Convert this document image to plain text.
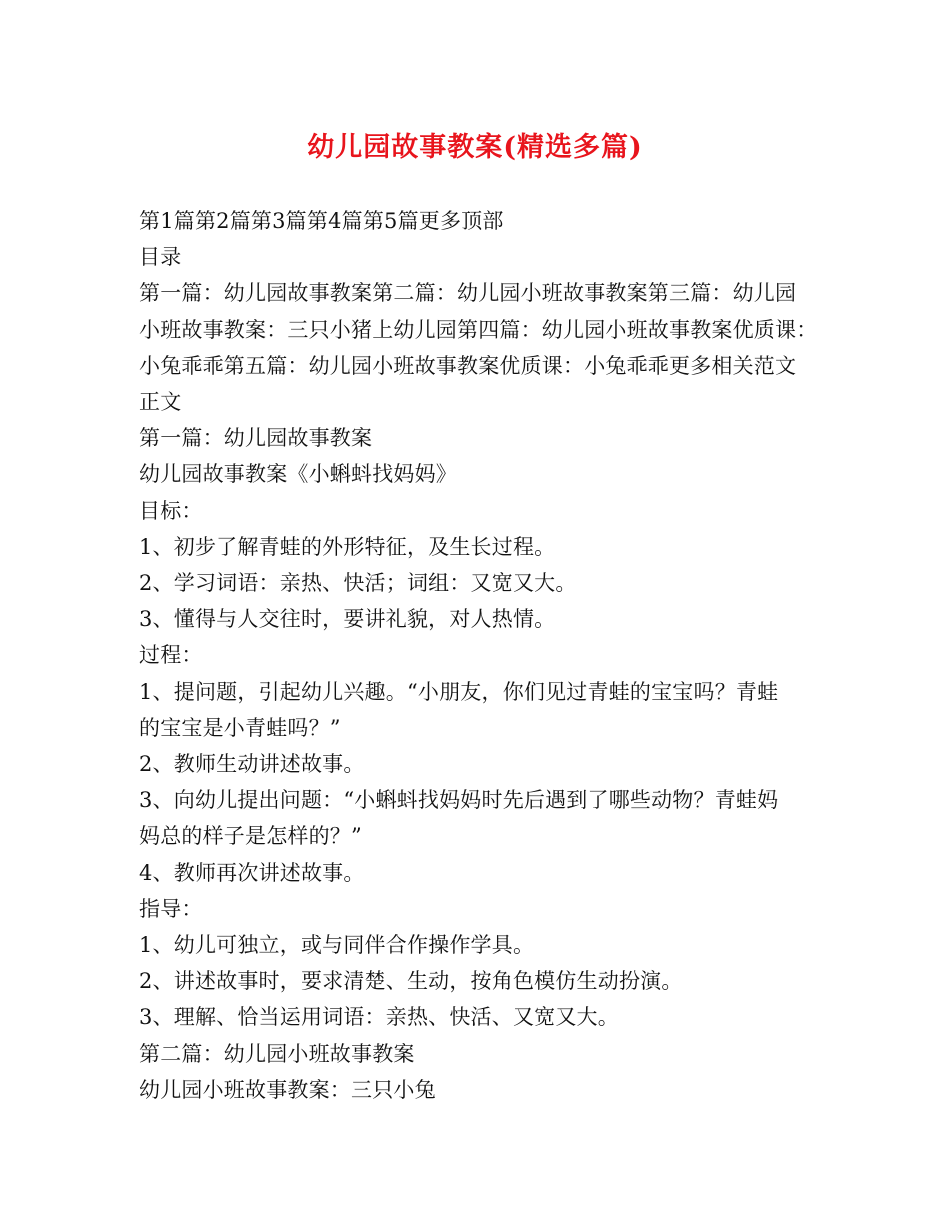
幼儿园故事教案(精选多篇)
第1篇第2篇第3篇第4篇第5篇更多顶部
目录
第一篇：幼儿园故事教案第二篇：幼儿园小班故事教案第三篇：幼儿园
小班故事教案：三只小猪上幼儿园第四篇：幼儿园小班故事教案优质课：
小兔乖乖第五篇：幼儿园小班故事教案优质课：小兔乖乖更多相关范文
正文
第一篇：幼儿园故事教案
幼儿园故事教案《小蝌蚪找妈妈》
目标：
1、初步了解青蛙的外形特征，及生长过程。
2、学习词语：亲热、快活；词组：又宽又大。
3、懂得与人交往时，要讲礼貌，对人热情。
过程：
1、提问题，引起幼儿兴趣。“小朋友，你们见过青蛙的宝宝吗？青蛙
的宝宝是小青蛙吗？”
2、教师生动讲述故事。
3、向幼儿提出问题：“小蝌蚪找妈妈时先后遇到了哪些动物？青蛙妈
妈总的样子是怎样的？”
4、教师再次讲述故事。
指导：
1、幼儿可独立，或与同伴合作操作学具。
2、讲述故事时，要求清楚、生动，按角色模仿生动扮演。
3、理解、恰当运用词语：亲热、快活、又宽又大。
第二篇：幼儿园小班故事教案
幼儿园小班故事教案：三只小兔
